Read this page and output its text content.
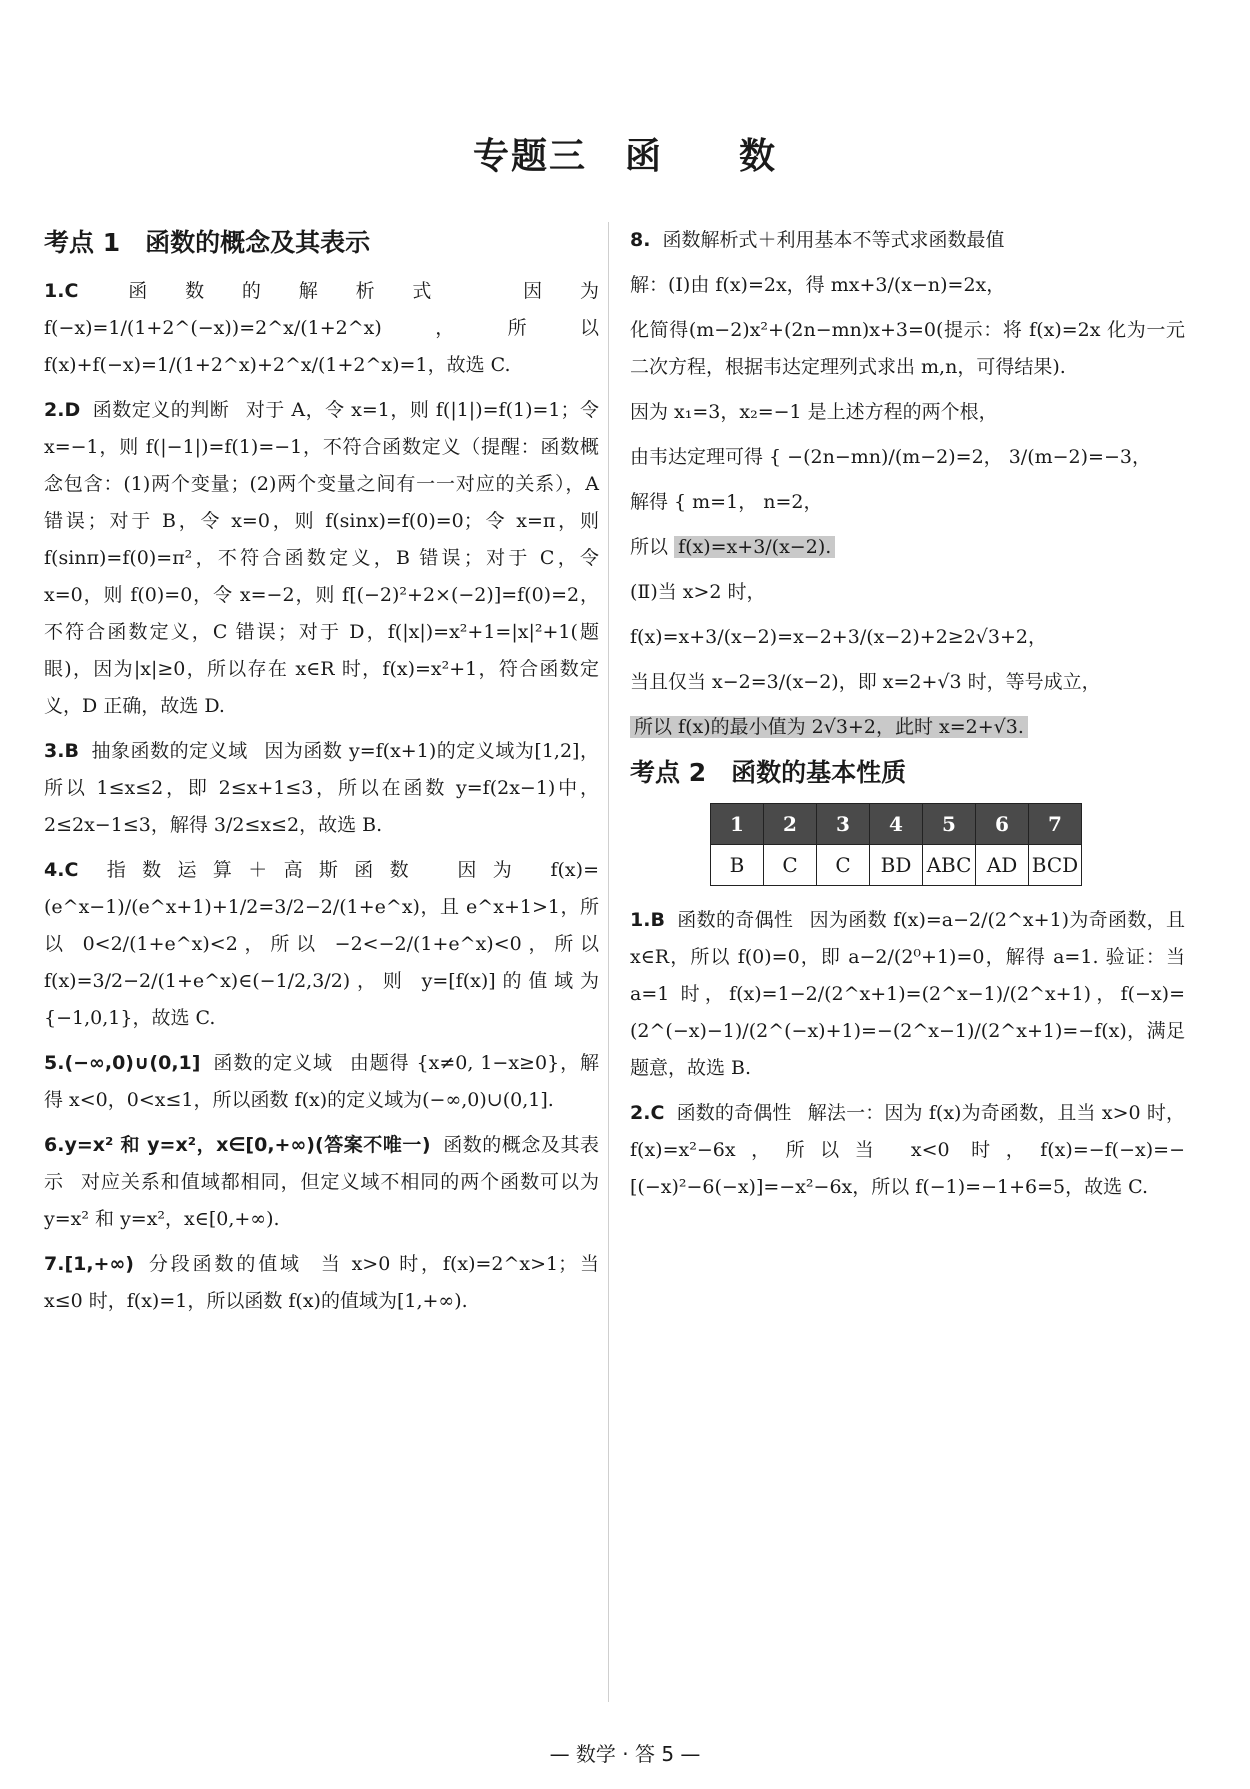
专题三　函　　数
考点 1　函数的概念及其表示
1.C	函数的解析式	因为 f(−x)=1/(1+2^(−x))=2^x/(1+2^x)，所以 f(x)+f(−x)=1/(1+2^x)+2^x/(1+2^x)=1，故选 C.
2.D 函数定义的判断 对于 A，令 x=1，则 f(|1|)=f(1)=1；令 x=−1，则 f(|−1|)=f(1)=−1，不符合函数定义（提醒：函数概念包含：(1)两个变量；(2)两个变量之间有一一对应的关系），A 错误；对于 B，令 x=0，则 f(sinx)=f(0)=0；令 x=π，则 f(sinπ)=f(0)=π²，不符合函数定义，B 错误；对于 C，令 x=0，则 f(0)=0，令 x=−2，则 f[(−2)²+2×(−2)]=f(0)=2，不符合函数定义，C 错误；对于 D，f(|x|)=x²+1=|x|²+1(题眼)，因为|x|≥0，所以存在 x∈R 时，f(x)=x²+1，符合函数定义，D 正确，故选 D.
3.B 抽象函数的定义域 因为函数 y=f(x+1)的定义域为[1,2]，所以 1≤x≤2，即 2≤x+1≤3，所以在函数 y=f(2x−1)中，2≤2x−1≤3，解得 3/2≤x≤2，故选 B.
4.C 指数运算＋高斯函数 因为 f(x)=(e^x−1)/(e^x+1)+1/2=3/2−2/(1+e^x)，且 e^x+1>1，所以 0<2/(1+e^x)<2，所以 −2<−2/(1+e^x)<0，所以 f(x)=3/2−2/(1+e^x)∈(−1/2,3/2)，则 y=[f(x)]的值域为{−1,0,1}，故选 C.
5.(−∞,0)∪(0,1] 函数的定义域 由题得 {x≠0, 1−x≥0}，解得 x<0，0<x≤1，所以函数 f(x)的定义域为(−∞,0)∪(0,1].
6.y=x² 和 y=x²，x∈[0,+∞)(答案不唯一) 函数的概念及其表示 对应关系和值域都相同，但定义域不相同的两个函数可以为 y=x² 和 y=x²，x∈[0,+∞).
7.[1,+∞) 分段函数的值域 当 x>0 时，f(x)=2^x>1；当 x≤0 时，f(x)=1，所以函数 f(x)的值域为[1,+∞).
8. 函数解析式＋利用基本不等式求函数最值
解：(Ⅰ)由 f(x)=2x，得 mx+3/(x−n)=2x，
化简得(m−2)x²+(2n−mn)x+3=0(提示：将 f(x)=2x 化为一元二次方程，根据韦达定理列式求出 m,n，可得结果).
因为 x₁=3，x₂=−1 是上述方程的两个根，
由韦达定理可得 { −(2n−mn)/(m−2)=2， 3/(m−2)=−3，
解得 { m=1， n=2，
所以 f(x)=x+3/(x−2).
(Ⅱ)当 x>2 时，
f(x)=x+3/(x−2)=x−2+3/(x−2)+2≥2√3+2，
当且仅当 x−2=3/(x−2)，即 x=2+√3 时，等号成立，
所以 f(x)的最小值为 2√3+2，此时 x=2+√3.
考点 2　函数的基本性质
1	2	3	4	5	6	7
B	C	C	BD	ABC	AD	BCD
1.B 函数的奇偶性 因为函数 f(x)=a−2/(2^x+1)为奇函数，且 x∈R，所以 f(0)=0，即 a−2/(2⁰+1)=0，解得 a=1. 验证：当 a=1 时，f(x)=1−2/(2^x+1)=(2^x−1)/(2^x+1)，f(−x)=(2^(−x)−1)/(2^(−x)+1)=−(2^x−1)/(2^x+1)=−f(x)，满足题意，故选 B.
2.C 函数的奇偶性 解法一：因为 f(x)为奇函数，且当 x>0 时，f(x)=x²−6x，所以当 x<0 时，f(x)=−f(−x)=−[(−x)²−6(−x)]=−x²−6x，所以 f(−1)=−1+6=5，故选 C.
— 数学 · 答 5 —
